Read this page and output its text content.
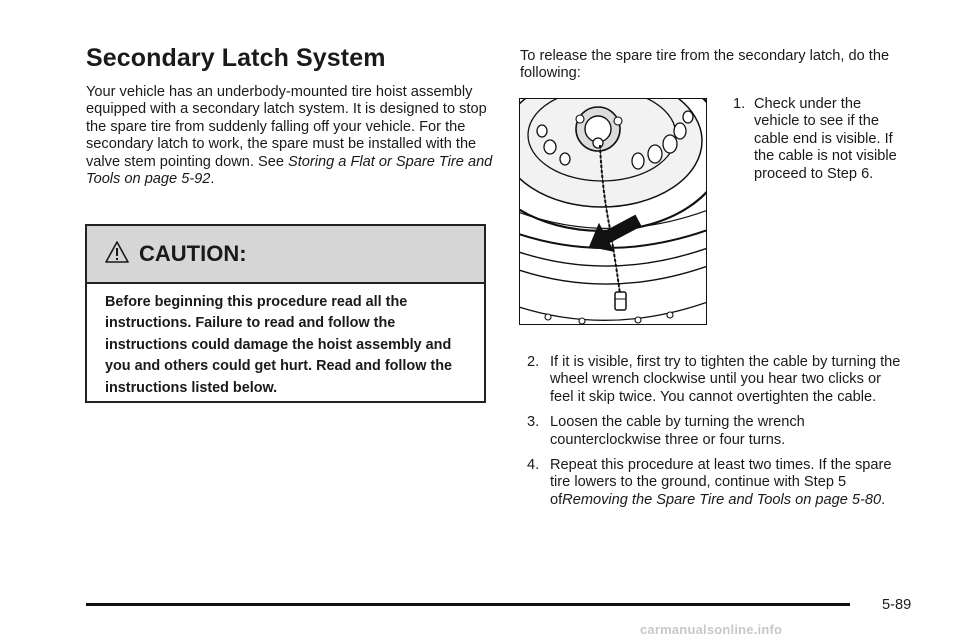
Secondary Latch System

Your vehicle has an underbody-mounted tire hoist assembly equipped with a secondary latch system. It is designed to stop the spare tire from suddenly falling off your vehicle. For the secondary latch to work, the spare must be installed with the valve stem pointing down. See Storing a Flat or Spare Tire and Tools on page 5-92.

CAUTION:

Before beginning this procedure read all the instructions. Failure to read and follow the instructions could damage the hoist assembly and you and others could get hurt. Read and follow the instructions listed below.

To release the spare tire from the secondary latch, do the following:

1. Check under the vehicle to see if the cable end is visible. If the cable is not visible proceed to Step 6.

2. If it is visible, first try to tighten the cable by turning the wheel wrench clockwise until you hear two clicks or feel it skip twice. You cannot overtighten the cable.
3. Loosen the cable by turning the wrench counterclockwise three or four turns.
4. Repeat this procedure at least two times. If the spare tire lowers to the ground, continue with Step 5 ofRemoving the Spare Tire and Tools on page 5-80.
5-89
carmanualsonline.info
